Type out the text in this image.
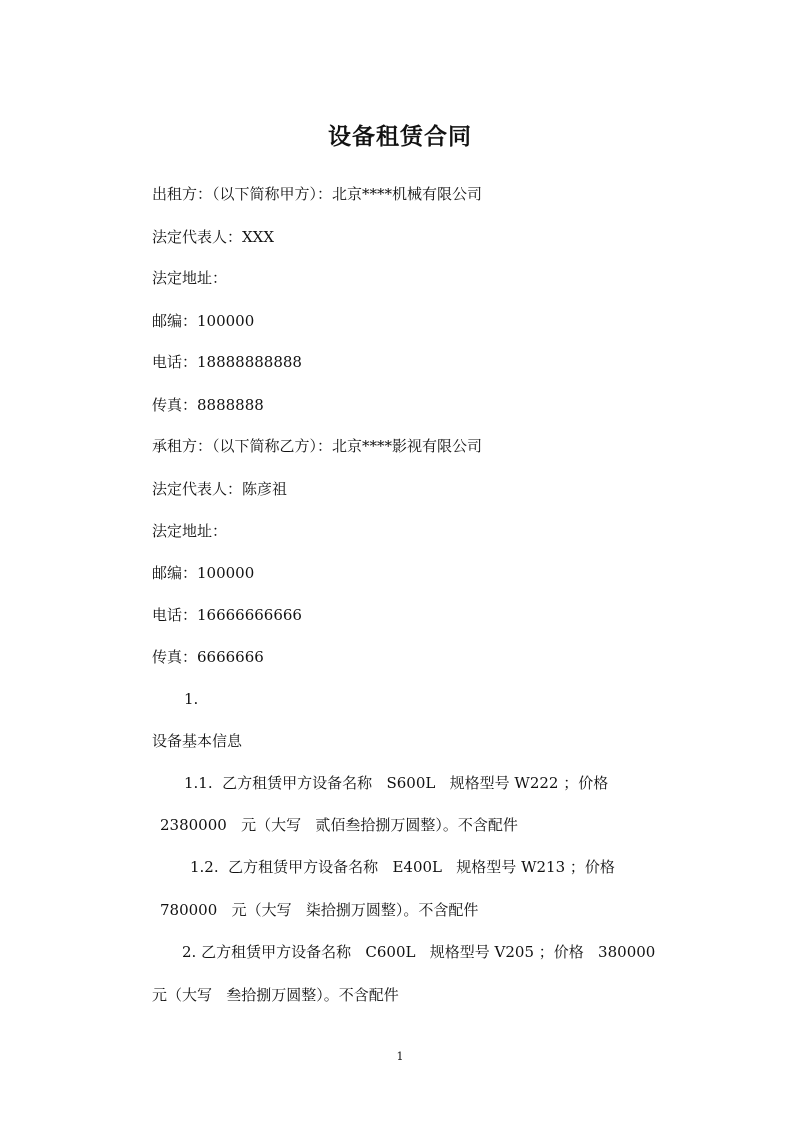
设备租赁合同
出租方：（以下简称甲方）：北京****机械有限公司
法定代表人：XXX
法定地址：
邮编：100000
电话：18888888888
传真：8888888
承租方：（以下简称乙方）：北京****影视有限公司
法定代表人：陈彦祖
法定地址：
邮编：100000
电话：16666666666
传真：6666666
1.
设备基本信息
1.1.  乙方租赁甲方设备名称   S600L   规格型号 W222 ；价格
2380000   元（大写   贰佰叁拾捌万圆整）。不含配件
1.2.  乙方租赁甲方设备名称   E400L   规格型号 W213 ；价格
780000   元（大写   柒拾捌万圆整）。不含配件
2. 乙方租赁甲方设备名称   C600L   规格型号 V205 ；价格   380000
元（大写   叁拾捌万圆整）。不含配件
1
